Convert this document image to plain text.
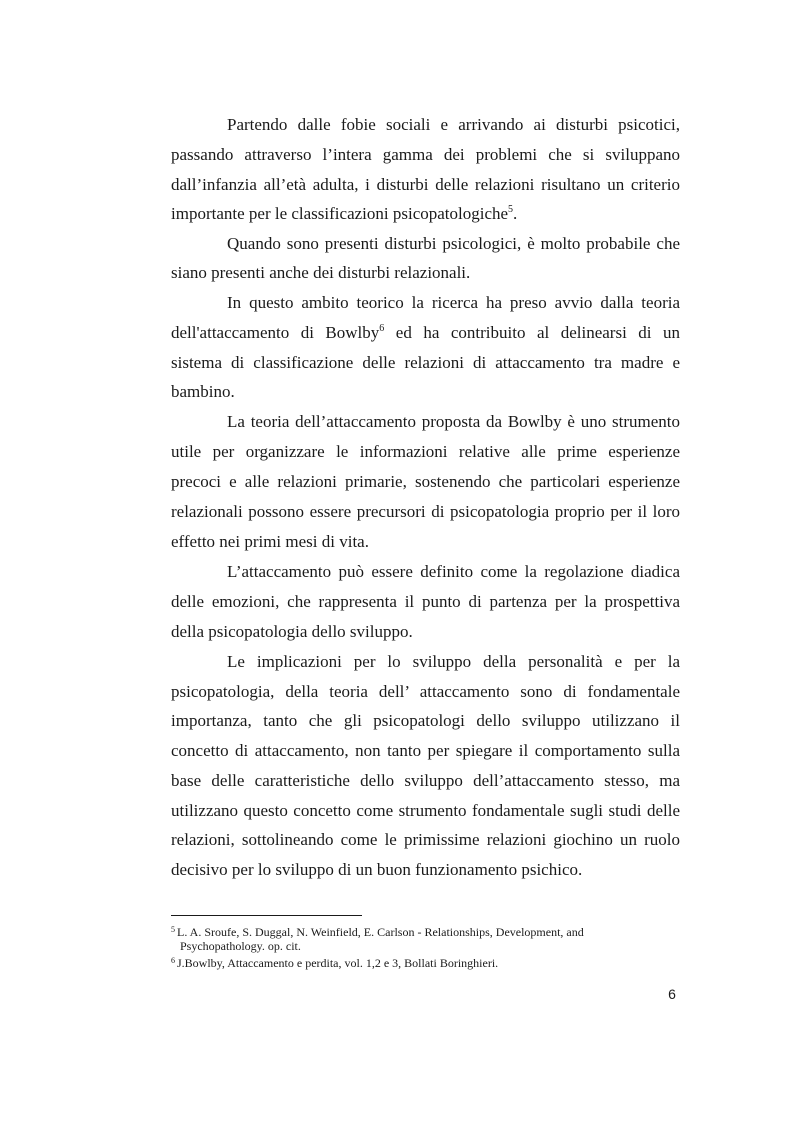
Partendo dalle fobie sociali e arrivando ai disturbi psicotici,
passando attraverso l’intera gamma dei problemi che si sviluppano
dall’infanzia all’età adulta, i disturbi delle relazioni risultano un criterio
importante per le classificazioni psicopatologiche$^5$.
Quando sono presenti disturbi psicologici, è molto probabile che
siano presenti anche dei disturbi relazionali.
In questo ambito teorico la ricerca ha preso avvio dalla teoria
dell'attaccamento di Bowlby$^6$ ed ha contribuito al delinearsi di un
sistema di classificazione delle relazioni di attaccamento tra madre e
bambino.
La teoria dell’attaccamento proposta da Bowlby è uno strumento
utile per organizzare le informazioni relative alle prime esperienze
precoci e alle relazioni primarie, sostenendo che particolari esperienze
relazionali possono essere precursori di psicopatologia proprio per il loro
effetto nei primi mesi di vita.
L’attaccamento può essere definito come la regolazione diadica
delle emozioni, che rappresenta il punto di partenza per la prospettiva
della psicopatologia dello sviluppo.
Le implicazioni per lo sviluppo della personalità e per la
psicopatologia, della teoria dell’ attaccamento sono di fondamentale
importanza, tanto che gli psicopatologi dello sviluppo utilizzano il
concetto di attaccamento, non tanto per spiegare il comportamento sulla
base delle caratteristiche dello sviluppo dell’attaccamento stesso, ma
utilizzano questo concetto come strumento fondamentale sugli studi delle
relazioni, sottolineando come le primissime relazioni giochino un ruolo
decisivo per lo sviluppo di un buon funzionamento psichico.
$^5$ L. A. Sroufe, S. Duggal, N. Weinfield, E. Carlson - Relationships, Development, and
Psychopathology. op. cit.
$^6$ J.Bowlby, Attaccamento e perdita, vol. 1,2 e 3, Bollati Boringhieri.
6
